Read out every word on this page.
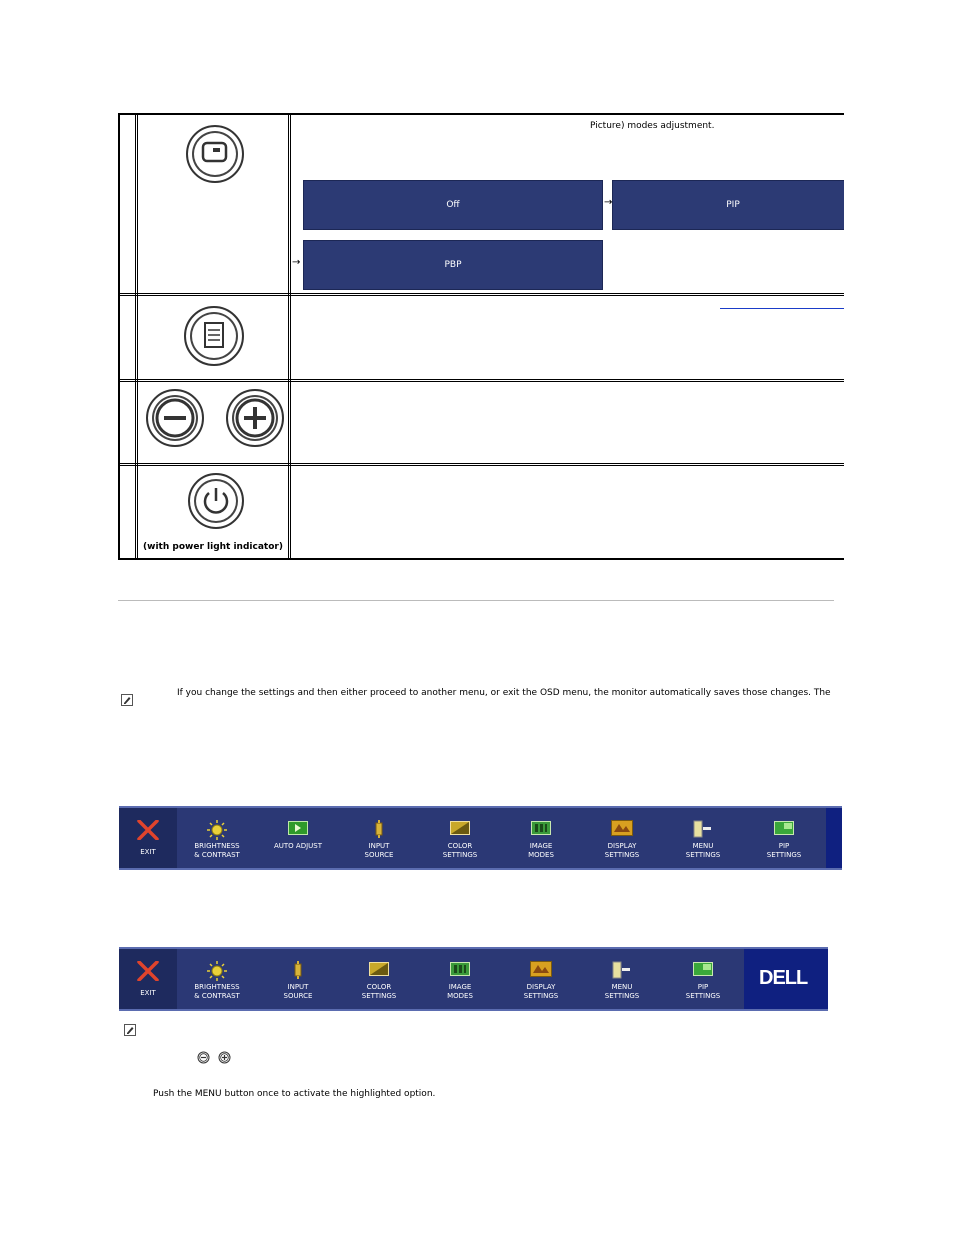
Picture) modes adjustment.
Off	→	PIP
→	PBP
(with power light indicator)
If you change the settings and then either proceed to another menu, or exit the OSD menu, the monitor automatically saves those changes. The
EXIT
BRIGHTNESS
& CONTRAST
AUTO ADJUST	INPUT
SOURCE
COLOR
SETTINGS
IMAGE
MODES
DISPLAY
SETTINGS
MENU
SETTINGS
PIP
SETTINGS
EXIT
BRIGHTNESS
& CONTRAST
INPUT
SOURCE
COLOR
SETTINGS
IMAGE
MODES
DISPLAY
SETTINGS
MENU
SETTINGS
PIP
SETTINGS
DELL
Push the MENU button once to activate the highlighted option.
